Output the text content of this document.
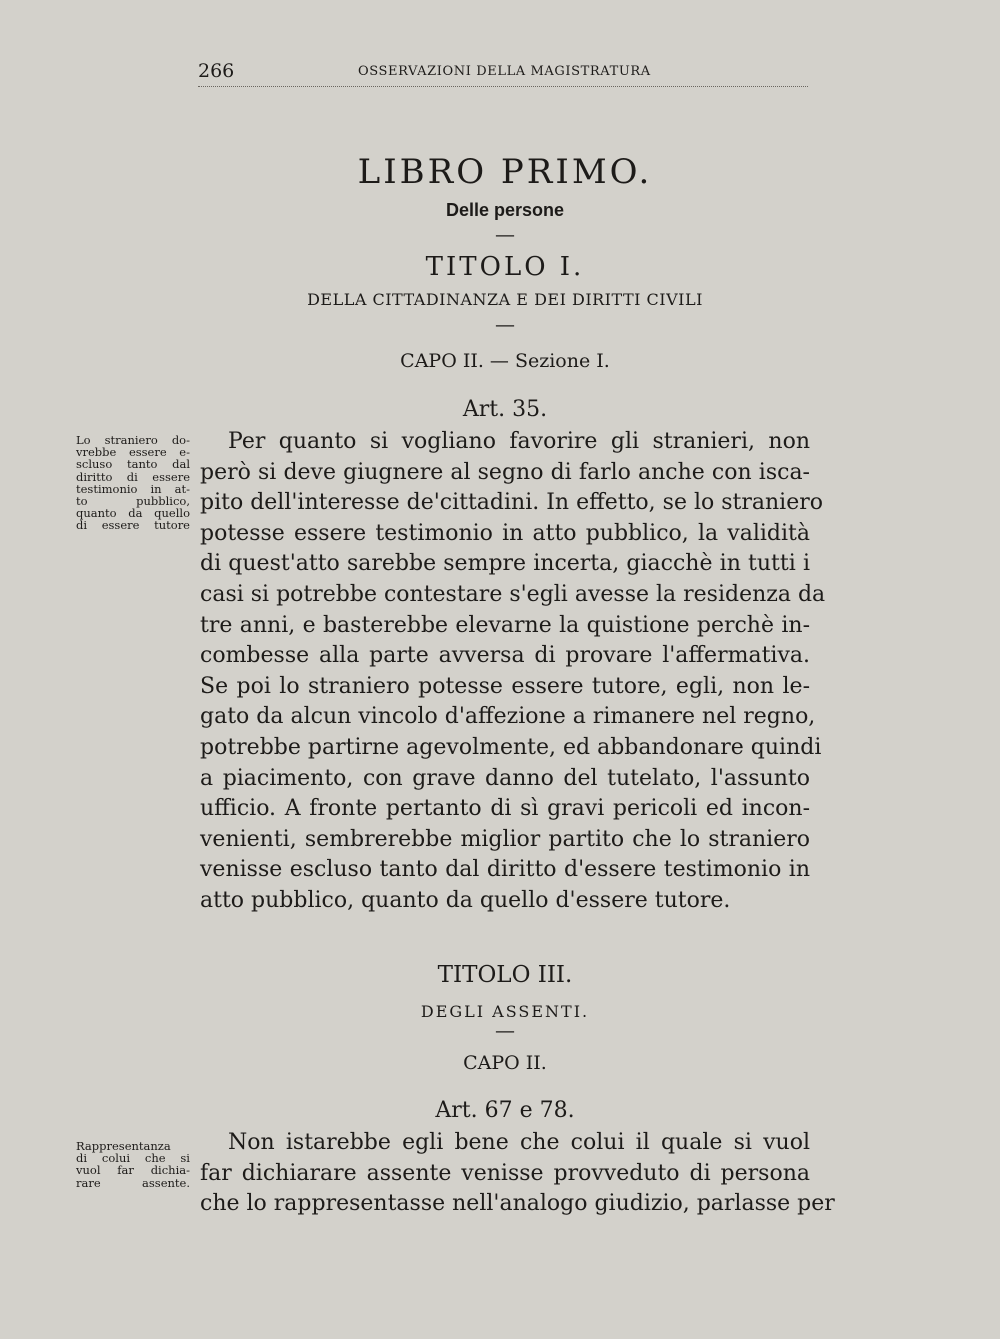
266	OSSERVAZIONI DELLA MAGISTRATURA
LIBRO PRIMO.
Delle persone
—
TITOLO I.
DELLA CITTADINANZA E DEI DIRITTI CIVILI
—
CAPO II. — Sezione I.
Art. 35.
Lo straniero do-
vrebbe essere e-
scluso tanto dal
diritto di essere
testimonio in at-
to pubblico,
quanto da quello
di essere tutore
Per quanto si vogliano favorire gli stranieri, non
però si deve giugnere al segno di farlo anche con isca-
pito dell'interesse de'cittadini. In effetto, se lo straniero
potesse essere testimonio in atto pubblico, la validità
di quest'atto sarebbe sempre incerta, giacchè in tutti i
casi si potrebbe contestare s'egli avesse la residenza da
tre anni, e basterebbe elevarne la quistione perchè in-
combesse alla parte avversa di provare l'affermativa.
Se poi lo straniero potesse essere tutore, egli, non le-
gato da alcun vincolo d'affezione a rimanere nel regno,
potrebbe partirne agevolmente, ed abbandonare quindi
a piacimento, con grave danno del tutelato, l'assunto
ufficio. A fronte pertanto di sì gravi pericoli ed incon-
venienti, sembrerebbe miglior partito che lo straniero
venisse escluso tanto dal diritto d'essere testimonio in
atto pubblico, quanto da quello d'essere tutore.
TITOLO III.
DEGLI ASSENTI.
—
CAPO II.
Art. 67 e 78.
Rappresentanza
di colui che si
vuol far dichia-
rare assente.
Non istarebbe egli bene che colui il quale si vuol
far dichiarare assente venisse provveduto di persona
che lo rappresentasse nell'analogo giudizio, parlasse per
